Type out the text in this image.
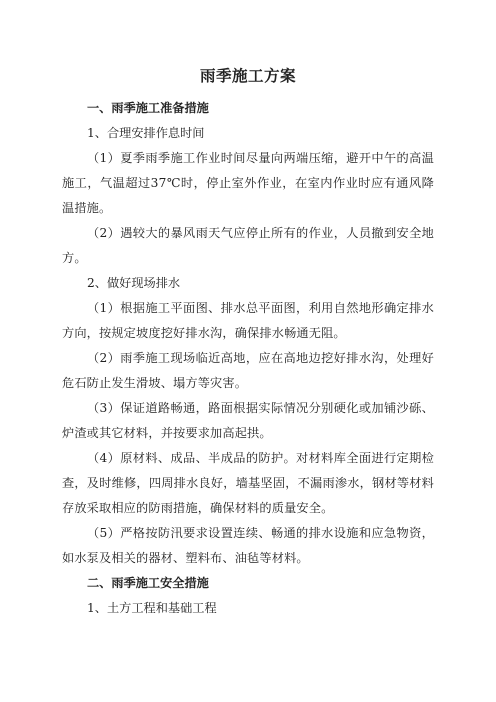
雨季施工方案
一、雨季施工准备措施
1、合理安排作息时间

（1）夏季雨季施工作业时间尽量向两端压缩，避开中午的高温施工，气温超过37℃时，停止室外作业，在室内作业时应有通风降温措施。

（2）遇较大的暴风雨天气应停止所有的作业，人员撤到安全地方。

2、做好现场排水

（1）根据施工平面图、排水总平面图，利用自然地形确定排水方向，按规定坡度挖好排水沟，确保排水畅通无阻。

（2）雨季施工现场临近高地，应在高地边挖好排水沟，处理好危石防止发生滑坡、塌方等灾害。

（3）保证道路畅通，路面根据实际情况分别硬化或加铺沙砾、炉渣或其它材料，并按要求加高起拱。

（4）原材料、成品、半成品的防护。对材料库全面进行定期检查，及时维修，四周排水良好，墙基坚固，不漏雨渗水，钢材等材料存放采取相应的防雨措施，确保材料的质量安全。

（5）严格按防汛要求设置连续、畅通的排水设施和应急物资，如水泵及相关的器材、塑料布、油毡等材料。

二、雨季施工安全措施
1、土方工程和基础工程
